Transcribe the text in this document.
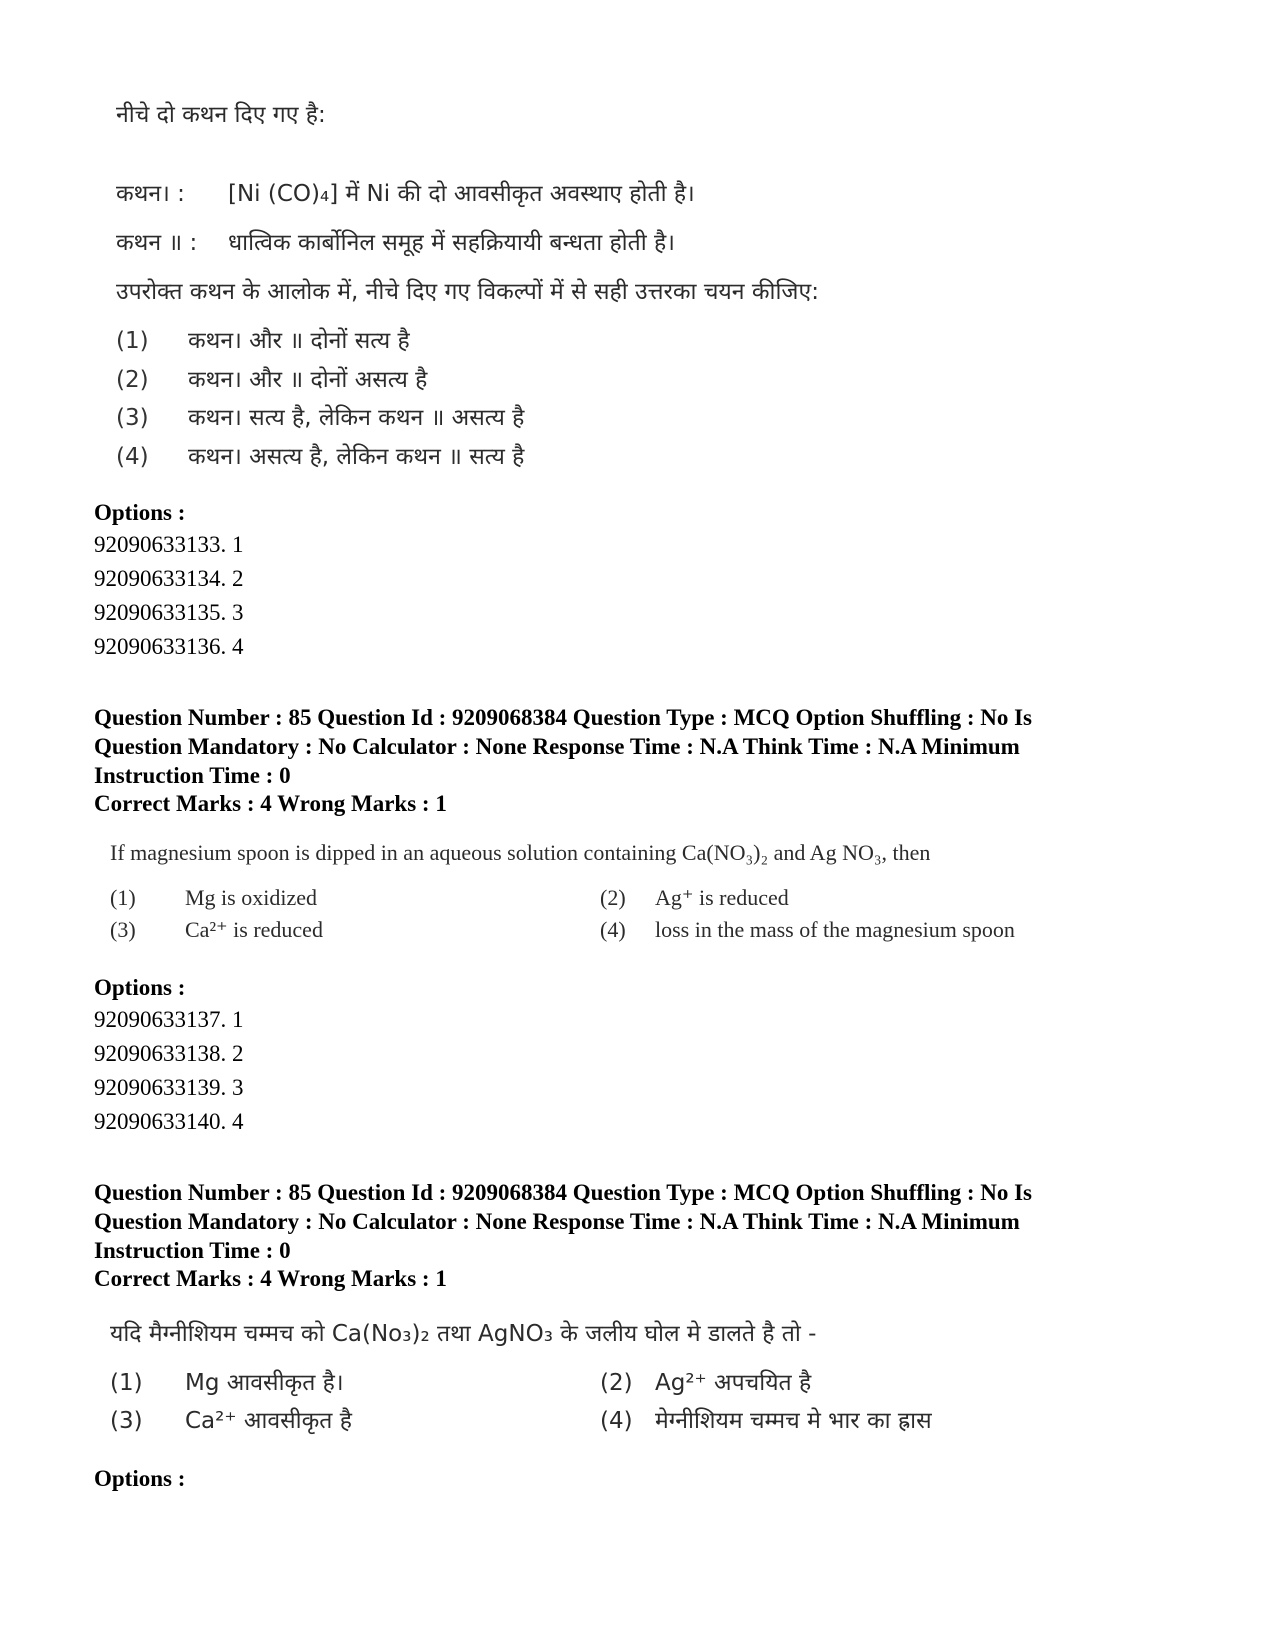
नीचे दो कथन दिए गए है:
कथन। : [Ni (CO)₄] में Ni की दो आवसीकृत अवस्थाए होती है।
कथन ॥ : धात्विक कार्बोनिल समूह में सहक्रियायी बन्धता होती है।
उपरोक्त कथन के आलोक में, नीचे दिए गए विकल्पों में से सही उत्तरका चयन कीजिए:
(1) कथन। और ॥ दोनों सत्य है
(2) कथन। और ॥ दोनों असत्य है
(3) कथन। सत्य है, लेकिन कथन ॥ असत्य है
(4) कथन। असत्य है, लेकिन कथन ॥ सत्य है
Options :
92090633133. 1
92090633134. 2
92090633135. 3
92090633136. 4
Question Number : 85 Question Id : 9209068384 Question Type : MCQ Option Shuffling : No Is Question Mandatory : No Calculator : None Response Time : N.A Think Time : N.A Minimum Instruction Time : 0
Correct Marks : 4 Wrong Marks : 1
If magnesium spoon is dipped in an aqueous solution containing Ca(NO₃)₂ and Ag NO₃, then
(1) Mg is oxidized	(2) Ag⁺ is reduced
(3) Ca²⁺ is reduced	(4) loss in the mass of the magnesium spoon
Options :
92090633137. 1
92090633138. 2
92090633139. 3
92090633140. 4
Question Number : 85 Question Id : 9209068384 Question Type : MCQ Option Shuffling : No Is Question Mandatory : No Calculator : None Response Time : N.A Think Time : N.A Minimum Instruction Time : 0
Correct Marks : 4 Wrong Marks : 1
यदि मैग्नीशियम चम्मच को Ca(No₃)₂ तथा AgNO₃ के जलीय घोल मे डालते है तो -
(1) Mg आवसीकृत है।	(2) Ag²⁺ अपचयित है
(3) Ca²⁺ आवसीकृत है	(4) मेग्नीशियम चम्मच मे भार का ह्रास
Options :
